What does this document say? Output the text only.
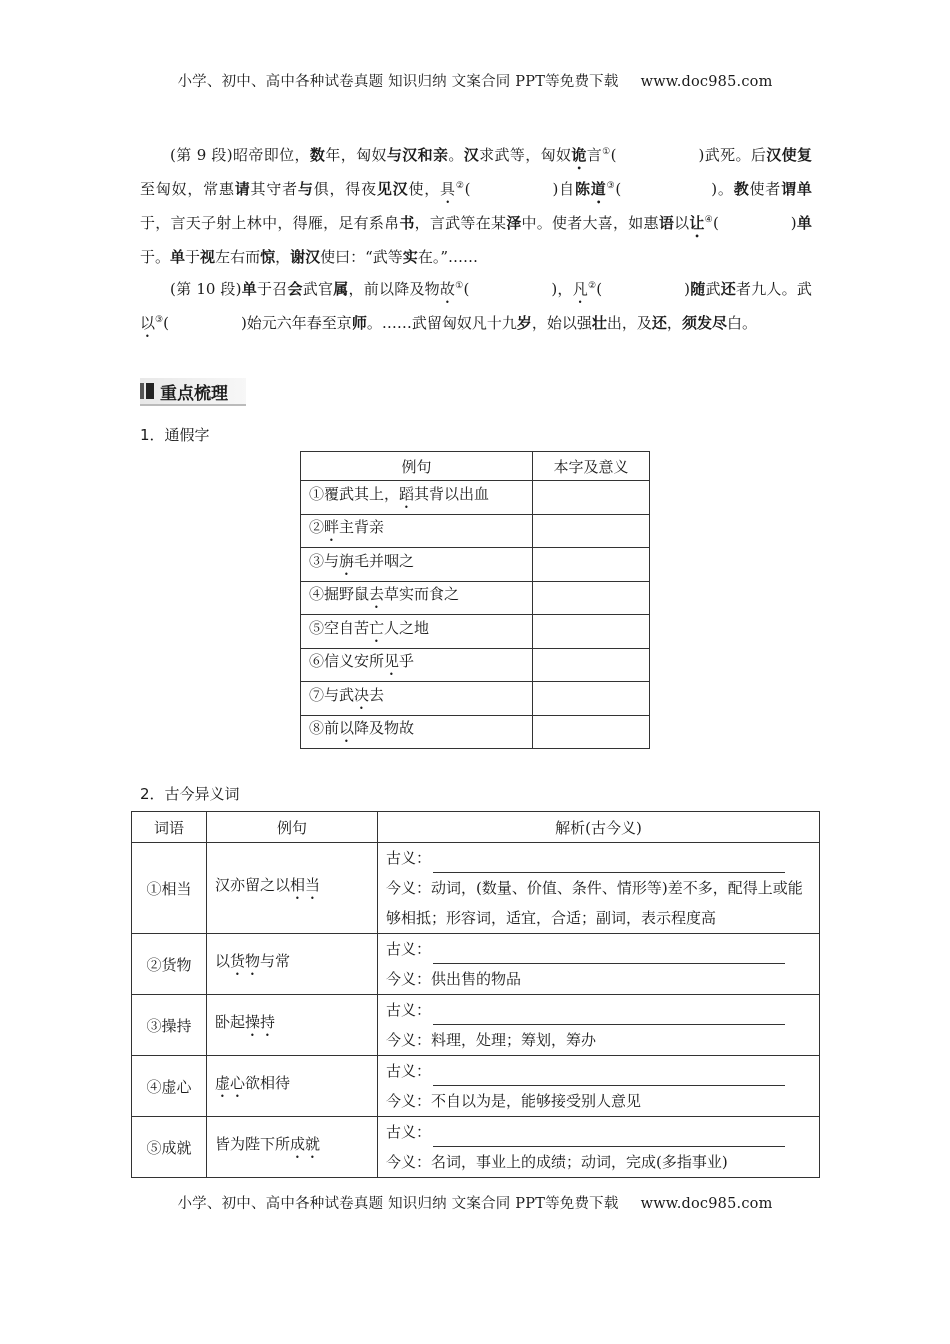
小学、初中、高中各种试卷真题 知识归纳 文案合同 PPT等免费下载 www.doc985.com
(第 9 段)昭帝即位，数年，匈奴与汉和亲。汉求武等，匈奴诡言①(	)武死。后汉使复至匈奴，常惠请其守者与俱，得夜见汉使，具②(	)自陈道③(	)。教使者谓单于，言天子射上林中，得雁，足有系帛书，言武等在某泽中。使者大喜，如惠语以让④(	)单于。单于视左右而惊，谢汉使曰：“武等实在。”……
(第 10 段)单于召会武官属，前以降及物故①(	)，凡②(	)随武还者九人。武以③(	)始元六年春至京师。……武留匈奴凡十九岁，始以强壮出，及还，须发尽白。
重点梳理
1．通假字
例句	本字及意义
①覆武其上，蹈其背以出血	
②畔主背亲	
③与旃毛并咽之	
④掘野鼠去草实而食之	
⑤空自苦亡人之地	
⑥信义安所见乎	
⑦与武决去	
⑧前以降及物故	
2．古今异义词
词语	例句	解析(古今义)
①相当	汉亦留之以相当	古义：
今义：动词，(数量、价值、条件、情形等)差不多，配得上或能够相抵；形容词，适宜，合适；副词，表示程度高

②货物	以货物与常	古义：
今义：供出售的物品

③操持	卧起操持	古义：
今义：料理，处理；筹划，筹办

④虚心	虚心欲相待	古义：
今义：不自以为是，能够接受别人意见

⑤成就	皆为陛下所成就	古义：
今义：名词，事业上的成绩；动词，完成(多指事业)
小学、初中、高中各种试卷真题 知识归纳 文案合同 PPT等免费下载 www.doc985.com
